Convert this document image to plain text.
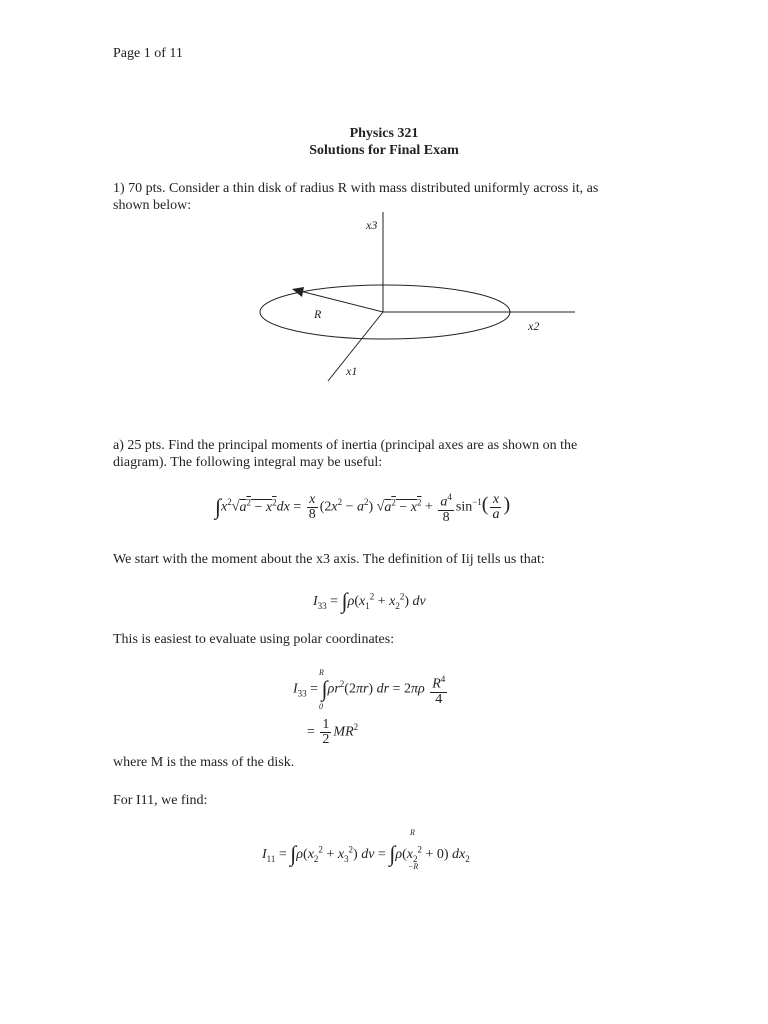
Page 1 of 11
Physics 321
Solutions for Final Exam
1) 70 pts. Consider a thin disk of radius R with mass distributed uniformly across it, as shown below:
x3
x2
x1
R
a) 25 pts. Find the principal moments of inertia (principal axes are as shown on the diagram). The following integral may be useful:
$\int x^2√a^2 - x^2dx = \frac{x}{8} (2x^2 - a^2) √a^2 - x^2 + \frac{a^4}{8} \sin^{-1}( \frac{x}{a}$ )
We start with the moment about the x3 axis. The definition of Iij tells us that:
$I_{33} = \int\rho(x_1^2 + x_2^2)$ dv
This is easiest to evaluate using polar coordinates:
$I_{33} = \int\rho r^2(2\pi r)$ dr = $2\pi\rho \frac{R^4}{4}$
R
0
= $\frac{1}{2} MR^2$
where M is the mass of the disk.
For I11, we find:
$I_{11} = \int\rho(x_2^2 + x_3^2)$ dv = $\int\rho(x_2^2 + 0)$ $dx_2$
R
−R
